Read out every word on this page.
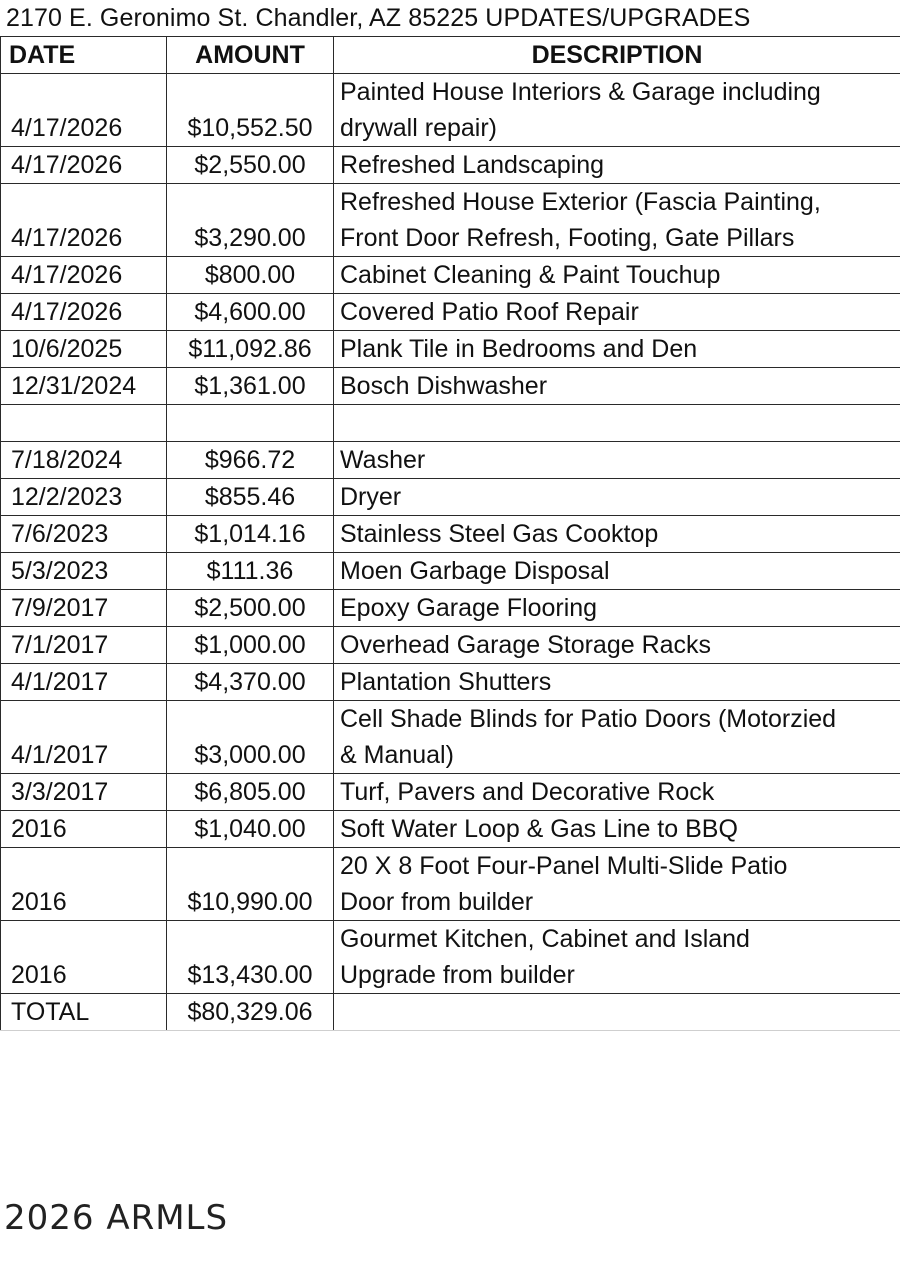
2170 E. Geronimo St. Chandler, AZ 85225 UPDATES/UPGRADES
DATE	AMOUNT	DESCRIPTION
4/17/2026	$10,552.50	Painted House Interiors & Garage including
drywall repair)

4/17/2026	$2,550.00	Refreshed Landscaping

4/17/2026	$3,290.00	Refreshed House Exterior (Fascia Painting,
Front Door Refresh, Footing, Gate Pillars

4/17/2026	$800.00	Cabinet Cleaning & Paint Touchup

4/17/2026	$4,600.00	Covered Patio Roof Repair

10/6/2025	$11,092.86	Plank Tile in Bedrooms and Den

12/31/2024	$1,361.00	Bosch Dishwasher

7/18/2024	$966.72	Washer

12/2/2023	$855.46	Dryer

7/6/2023	$1,014.16	Stainless Steel Gas Cooktop

5/3/2023	$111.36	Moen Garbage Disposal

7/9/2017	$2,500.00	Epoxy Garage Flooring

7/1/2017	$1,000.00	Overhead Garage Storage Racks

4/1/2017	$4,370.00	Plantation Shutters

4/1/2017	$3,000.00	Cell Shade Blinds for Patio Doors (Motorzied
& Manual)

3/3/2017	$6,805.00	Turf, Pavers and Decorative Rock

2016	$1,040.00	Soft Water Loop & Gas Line to BBQ

2016	$10,990.00	20 X 8 Foot Four-Panel Multi-Slide Patio
Door from builder

2016	$13,430.00	Gourmet Kitchen, Cabinet and Island
Upgrade from builder

TOTAL	$80,329.06	
2026 ARMLS
